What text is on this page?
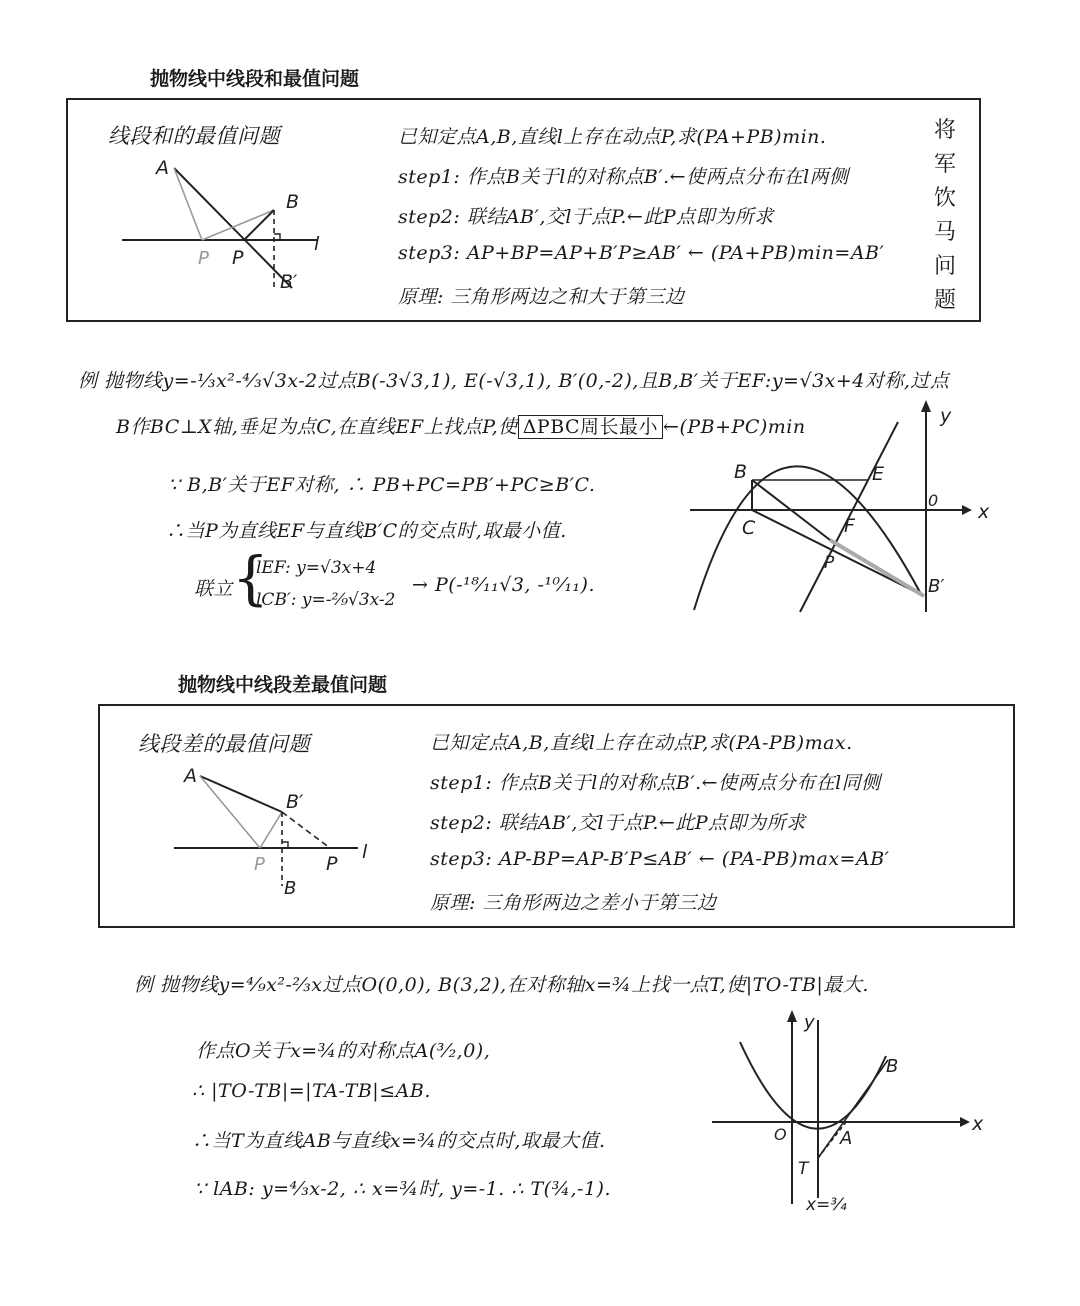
抛物线中线段和最值问题
线段和的最值问题
A
B
P P
l
B′
已知定点A,B,直线l上存在动点P,求(PA+PB)min.
step1: 作点B关于l的对称点B′.←使两点分布在l两侧
step2: 联结AB′,交l于点P.←此P点即为所求
step3: AP+BP=AP+B′P≥AB′ ← (PA+PB)min=AB′
原理: 三角形两边之和大于第三边
将
军
饮
马
问
题
例 抛物线y=-⅓x²-⁴⁄₃√3x-2过点B(-3√3,1), E(-√3,1), B′(0,-2),且B,B′关于EF:y=√3x+4对称,过点
B作BC⊥X轴,垂足为点C,在直线EF上找点P,使 ΔPBC周长最小 ←(PB+PC)min
∵ B,B′关于EF对称, ∴ PB+PC=PB′+PC≥B′C.
∴当P为直线EF与直线B′C的交点时,取最小值.
联立
{
lEF: y=√3x+4
lCB′: y=-²⁄₉√3x-2
→ P(-¹⁸⁄₁₁√3, -¹⁰⁄₁₁).
y
x
B	E
0
C	F
P
B′
抛物线中线段差最值问题
线段差的最值问题
A
B′
P	P
l
B
已知定点A,B,直线l上存在动点P,求(PA-PB)max.
step1: 作点B关于l的对称点B′.←使两点分布在l同侧
step2: 联结AB′,交l于点P.←此P点即为所求
step3: AP-BP=AP-B′P≤AB′ ← (PA-PB)max=AB′
原理: 三角形两边之差小于第三边
例 抛物线y=⁴⁄₉x²-⅔x过点O(0,0), B(3,2),在对称轴x=¾上找一点T,使|TO-TB|最大.
作点O关于x=¾的对称点A(³⁄₂,0),
∴ |TO-TB|=|TA-TB|≤AB.
∴当T为直线AB与直线x=¾的交点时,取最大值.
∵ lAB: y=⁴⁄₃x-2, ∴ x=¾时, y=-1. ∴ T(¾,-1).
y
x
O	A
B
T
x=¾
